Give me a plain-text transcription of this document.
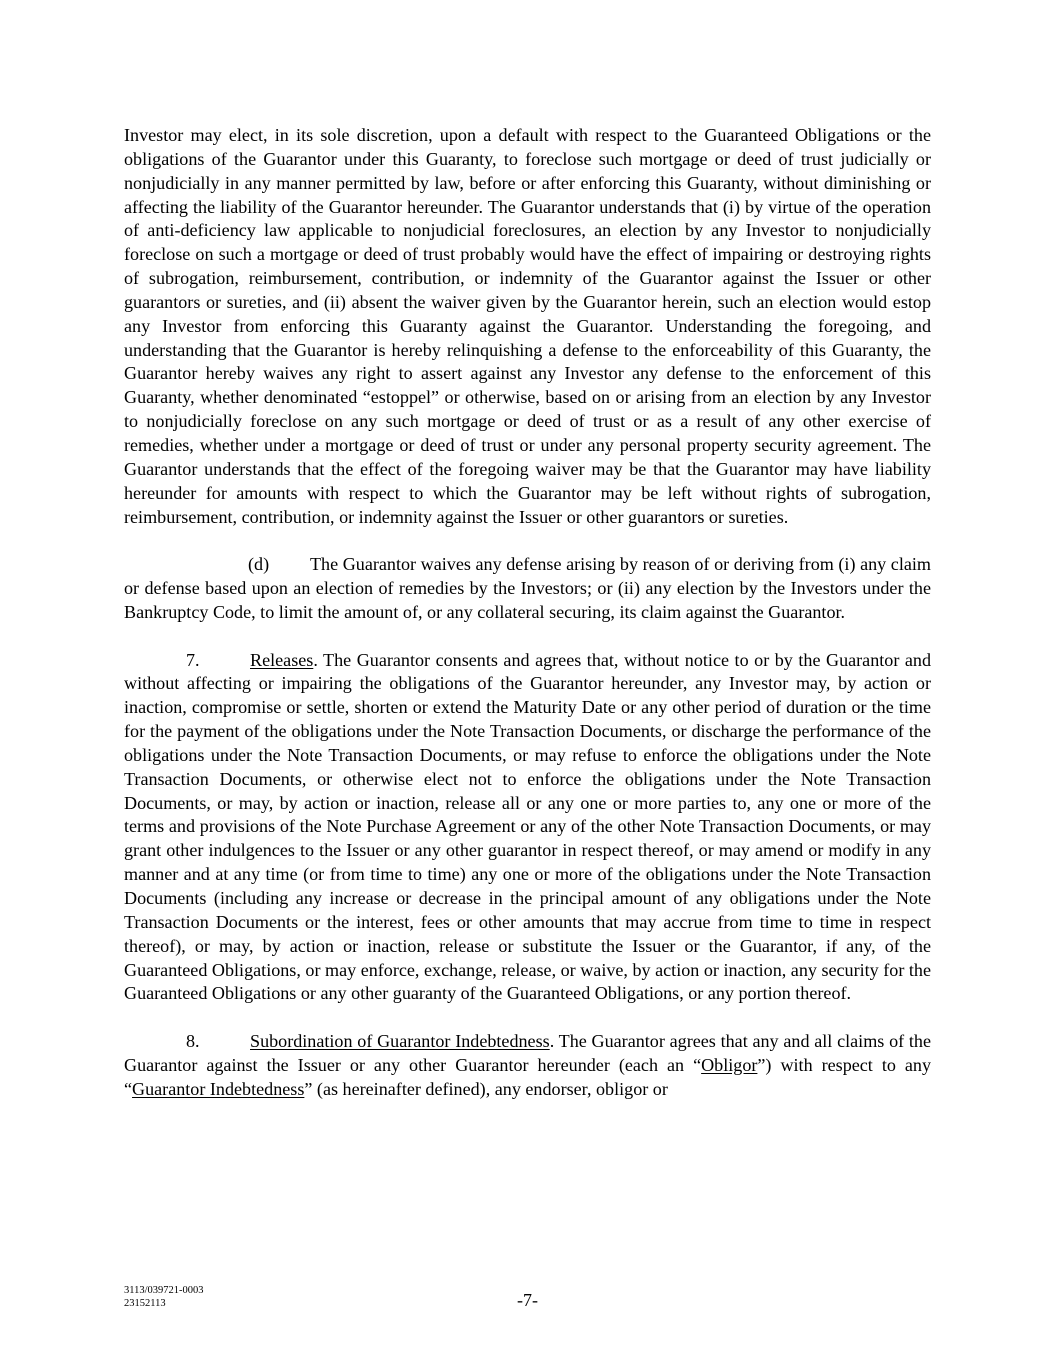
Investor may elect, in its sole discretion, upon a default with respect to the Guaranteed Obligations or the obligations of the Guarantor under this Guaranty, to foreclose such mortgage or deed of trust judicially or nonjudicially in any manner permitted by law, before or after enforcing this Guaranty, without diminishing or affecting the liability of the Guarantor hereunder. The Guarantor understands that (i) by virtue of the operation of anti-deficiency law applicable to nonjudicial foreclosures, an election by any Investor to nonjudicially foreclose on such a mortgage or deed of trust probably would have the effect of impairing or destroying rights of subrogation, reimbursement, contribution, or indemnity of the Guarantor against the Issuer or other guarantors or sureties, and (ii) absent the waiver given by the Guarantor herein, such an election would estop any Investor from enforcing this Guaranty against the Guarantor. Understanding the foregoing, and understanding that the Guarantor is hereby relinquishing a defense to the enforceability of this Guaranty, the Guarantor hereby waives any right to assert against any Investor any defense to the enforcement of this Guaranty, whether denominated “estoppel” or otherwise, based on or arising from an election by any Investor to nonjudicially foreclose on any such mortgage or deed of trust or as a result of any other exercise of remedies, whether under a mortgage or deed of trust or under any personal property security agreement. The Guarantor understands that the effect of the foregoing waiver may be that the Guarantor may have liability hereunder for amounts with respect to which the Guarantor may be left without rights of subrogation, reimbursement, contribution, or indemnity against the Issuer or other guarantors or sureties.

(d) The Guarantor waives any defense arising by reason of or deriving from (i) any claim or defense based upon an election of remedies by the Investors; or (ii) any election by the Investors under the Bankruptcy Code, to limit the amount of, or any collateral securing, its claim against the Guarantor.

7.	Releases. The Guarantor consents and agrees that, without notice to or by the Guarantor and without affecting or impairing the obligations of the Guarantor hereunder, any Investor may, by action or inaction, compromise or settle, shorten or extend the Maturity Date or any other period of duration or the time for the payment of the obligations under the Note Transaction Documents, or discharge the performance of the obligations under the Note Transaction Documents, or may refuse to enforce the obligations under the Note Transaction Documents, or otherwise elect not to enforce the obligations under the Note Transaction Documents, or may, by action or inaction, release all or any one or more parties to, any one or more of the terms and provisions of the Note Purchase Agreement or any of the other Note Transaction Documents, or may grant other indulgences to the Issuer or any other guarantor in respect thereof, or may amend or modify in any manner and at any time (or from time to time) any one or more of the obligations under the Note Transaction Documents (including any increase or decrease in the principal amount of any obligations under the Note Transaction Documents or the interest, fees or other amounts that may accrue from time to time in respect thereof), or may, by action or inaction, release or substitute the Issuer or the Guarantor, if any, of the Guaranteed Obligations, or may enforce, exchange, release, or waive, by action or inaction, any security for the Guaranteed Obligations or any other guaranty of the Guaranteed Obligations, or any portion thereof.

8.	Subordination of Guarantor Indebtedness. The Guarantor agrees that any and all claims of the Guarantor against the Issuer or any other Guarantor hereunder (each an “Obligor”) with respect to any “Guarantor Indebtedness” (as hereinafter defined), any endorser, obligor or

3113/039721-0003
23152113	-7-
